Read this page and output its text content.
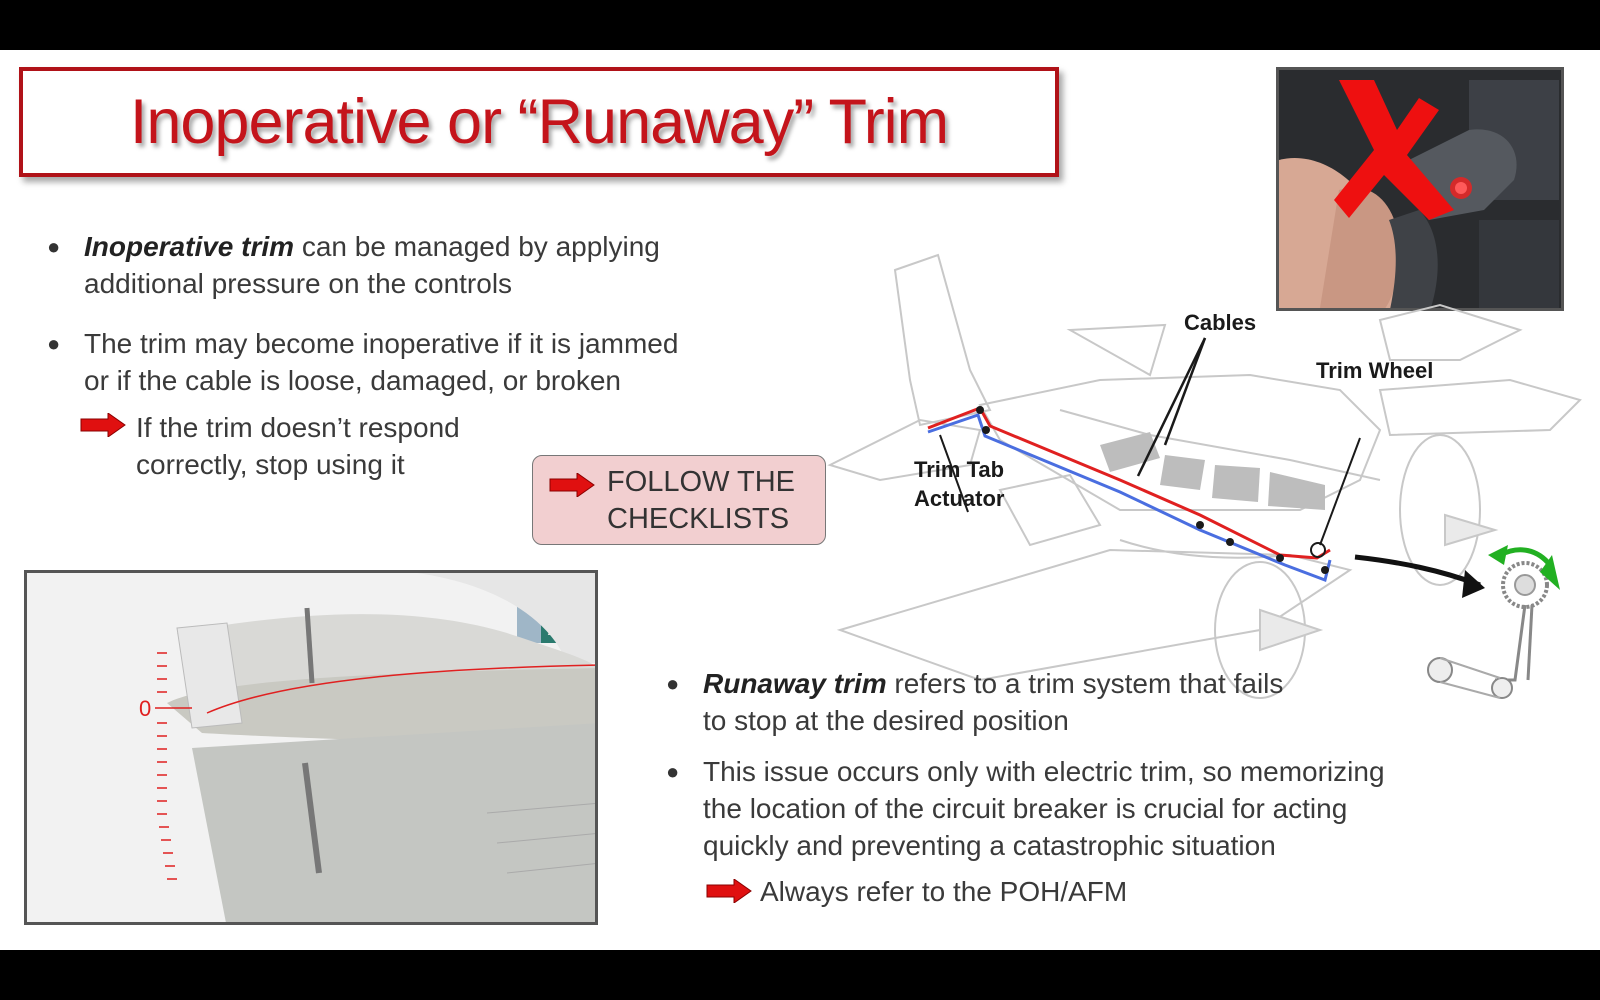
Inoperative or “Runaway” Trim
● Inoperative trim can be managed by applying
additional pressure on the controls
● The trim may become inoperative if it is jammed
or if the cable is loose, damaged, or broken
If the trim doesn’t respond
correctly, stop using it
FOLLOW THE
CHECKLISTS
Cables
Trim Wheel
Trim Tab
Actuator
0
● Runaway trim refers to a trim system that fails
to stop at the desired position
● This issue occurs only with electric trim, so memorizing
the location of the circuit breaker is crucial for acting
quickly and preventing a catastrophic situation
Always refer to the POH/AFM
